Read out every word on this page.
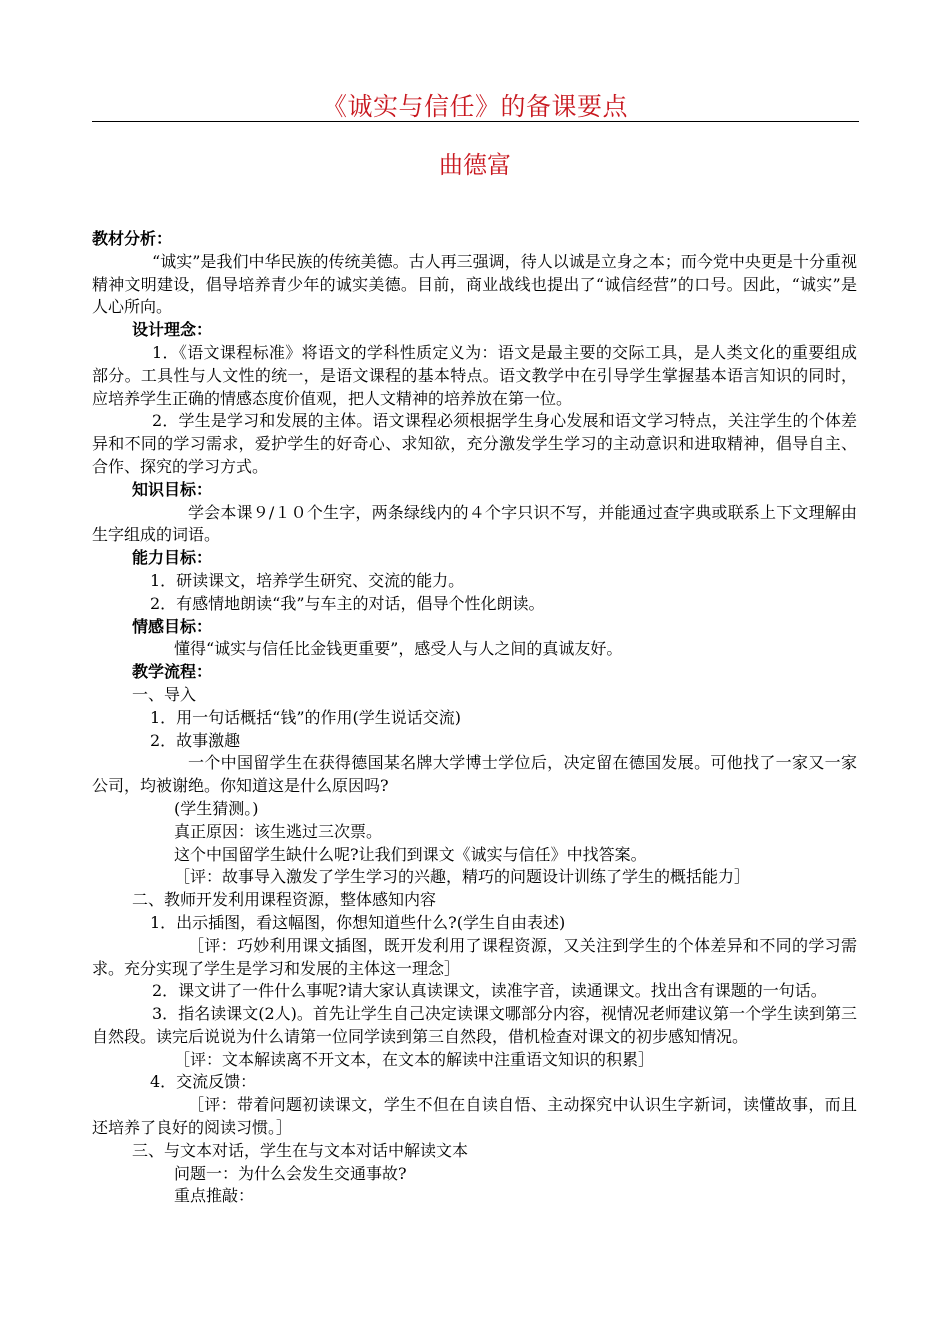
《诚实与信任》的备课要点
曲德富

教材分析：

“诚实”是我们中华民族的传统美德。古人再三强调，待人以诚是立身之本；而今党中央更是十分重视精神文明建设，倡导培养青少年的诚实美德。目前，商业战线也提出了“诚信经营”的口号。因此，“诚实”是人心所向。

设计理念：

1．《语文课程标准》将语文的学科性质定义为：语文是最主要的交际工具，是人类文化的重要组成部分。工具性与人文性的统一，是语文课程的基本特点。语文教学中在引导学生掌握基本语言知识的同时，应培养学生正确的情感态度价值观，把人文精神的培养放在第一位。

2．学生是学习和发展的主体。语文课程必须根据学生身心发展和语文学习特点，关注学生的个体差异和不同的学习需求，爱护学生的好奇心、求知欲，充分激发学生学习的主动意识和进取精神，倡导自主、合作、探究的学习方式。

知识目标：

学会本课９/１０个生字，两条绿线内的４个字只识不写，并能通过查字典或联系上下文理解由生字组成的词语。

能力目标：

1．研读课文，培养学生研究、交流的能力。

2．有感情地朗读“我”与车主的对话，倡导个性化朗读。

情感目标：

懂得“诚实与信任比金钱更重要”，感受人与人之间的真诚友好。

教学流程：

一、导入

1．用一句话概括“钱”的作用(学生说话交流)

2．故事激趣

一个中国留学生在获得德国某名牌大学博士学位后，决定留在德国发展。可他找了一家又一家公司，均被谢绝。你知道这是什么原因吗?

(学生猜测。)

真正原因：该生逃过三次票。

这个中国留学生缺什么呢?让我们到课文《诚实与信任》中找答案。

［评：故事导入激发了学生学习的兴趣，精巧的问题设计训练了学生的概括能力］

二、教师开发利用课程资源，整体感知内容

1．出示插图，看这幅图，你想知道些什么?(学生自由表述)

［评：巧妙利用课文插图，既开发利用了课程资源，又关注到学生的个体差异和不同的学习需求。充分实现了学生是学习和发展的主体这一理念］

2．课文讲了一件什么事呢?请大家认真读课文，读准字音，读通课文。找出含有课题的一句话。

3．指名读课文(2人)。首先让学生自己决定读课文哪部分内容，视情况老师建议第一个学生读到第三自然段。读完后说说为什么请第一位同学读到第三自然段，借机检查对课文的初步感知情况。

［评：文本解读离不开文本，在文本的解读中注重语文知识的积累］

4．交流反馈：

［评：带着问题初读课文，学生不但在自读自悟、主动探究中认识生字新词，读懂故事，而且还培养了良好的阅读习惯。］

三、与文本对话，学生在与文本对话中解读文本

问题一：为什么会发生交通事故?

重点推敲：
